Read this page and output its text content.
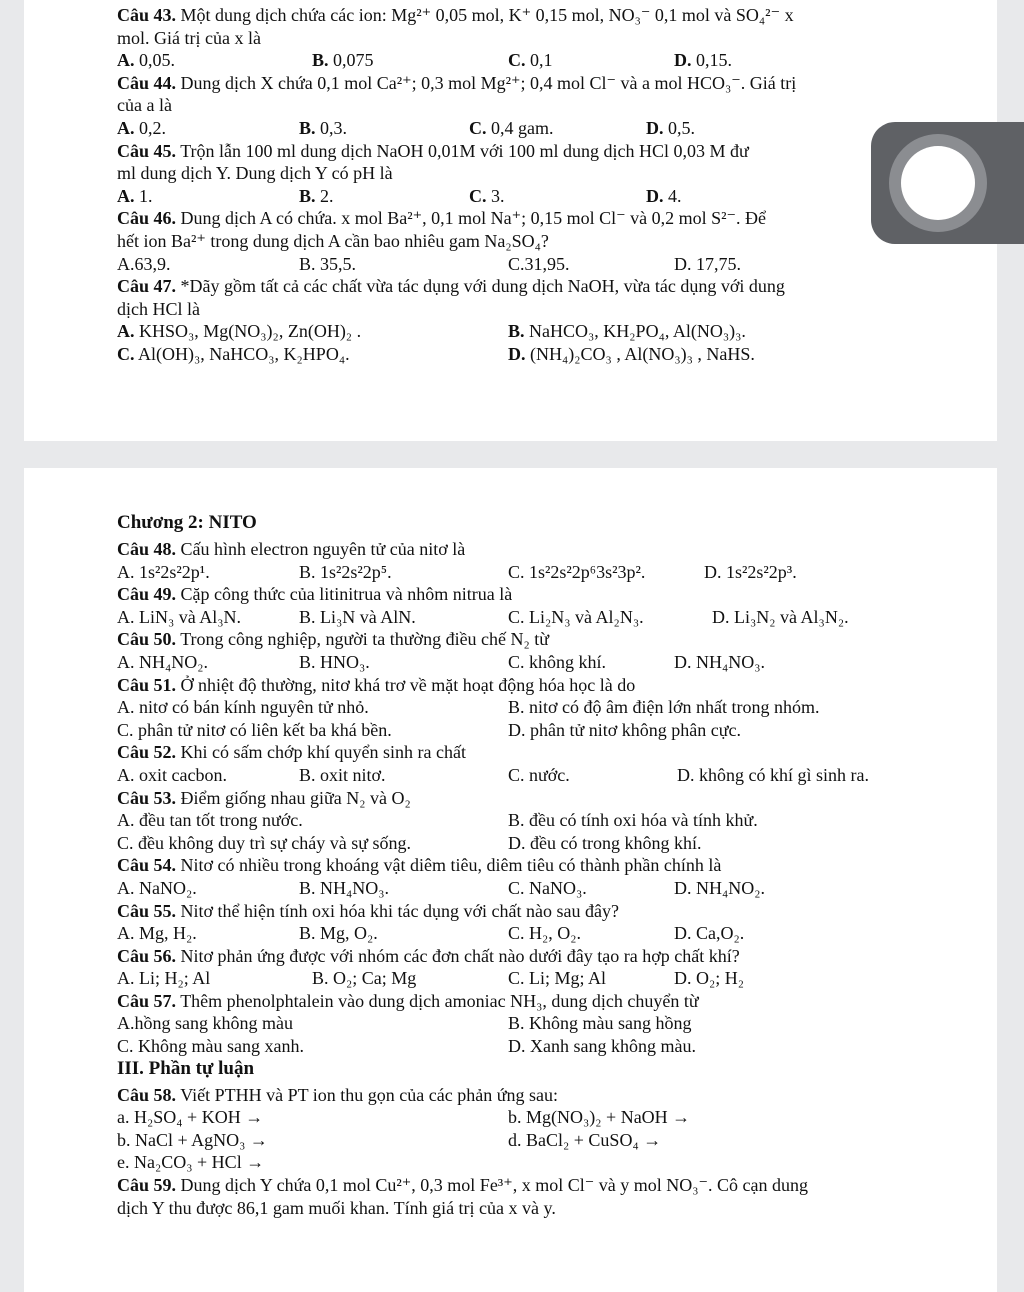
Câu 43. Một dung dịch chứa các ion: Mg²⁺ 0,05 mol, K⁺ 0,15 mol, NO₃⁻ 0,1 mol và SO₄²⁻ x
mol. Giá trị của x là
A. 0,05.	B. 0,075	C. 0,1	D. 0,15.
Câu 44. Dung dịch X chứa 0,1 mol Ca²⁺; 0,3 mol Mg²⁺; 0,4 mol Cl⁻ và a mol HCO₃⁻. Giá trị
của a là
A. 0,2.	B. 0,3.	C. 0,4 gam.	D. 0,5.
Câu 45. Trộn lẫn 100 ml dung dịch NaOH 0,01M với 100 ml dung dịch HCl 0,03 M đư
ml dung dịch Y. Dung dịch Y có pH là
A. 1.	B. 2.	C. 3.	D. 4.
Câu 46. Dung dịch A có chứa. x mol Ba²⁺, 0,1 mol Na⁺; 0,15 mol Cl⁻ và 0,2 mol S²⁻. Để
hết ion Ba²⁺ trong dung dịch A cần bao nhiêu gam Na₂SO₄?
A.63,9.	B. 35,5.	C.31,95.	D. 17,75.
Câu 47. *Dãy gồm tất cả các chất vừa tác dụng với dung dịch NaOH, vừa tác dụng với dung
dịch HCl là
A. KHSO₃, Mg(NO₃)₂, Zn(OH)₂ .	B. NaHCO₃, KH₂PO₄, Al(NO₃)₃.
C. Al(OH)₃, NaHCO₃, K₂HPO₄.	D. (NH₄)₂CO₃ , Al(NO₃)₃ , NaHS.
Chương 2: NITO
Câu 48. Cấu hình electron nguyên tử của nitơ là
A. 1s²2s²2p¹.	B. 1s²2s²2p⁵.	C. 1s²2s²2p⁶3s²3p².	D. 1s²2s²2p³.
Câu 49. Cặp công thức của litinitrua và nhôm nitrua là
A. LiN₃ và Al₃N.	B. Li₃N và AlN.	C. Li₂N₃ và Al₂N₃.	D. Li₃N₂ và Al₃N₂.
Câu 50. Trong công nghiệp, người ta thường điều chế N₂ từ
A. NH₄NO₂.	B. HNO₃.	C. không khí.	D. NH₄NO₃.
Câu 51. Ở nhiệt độ thường, nitơ khá trơ về mặt hoạt động hóa học là do
A. nitơ có bán kính nguyên tử nhỏ.	B. nitơ có độ âm điện lớn nhất trong nhóm.
C. phân tử nitơ có liên kết ba khá bền.	D. phân tử nitơ không phân cực.
Câu 52. Khi có sấm chớp khí quyển sinh ra chất
A. oxit cacbon.	B. oxit nitơ.	C. nước.	D. không có khí gì sinh ra.
Câu 53. Điểm giống nhau giữa N₂ và O₂
A. đều tan tốt trong nước.	B. đều có tính oxi hóa và tính khử.
C. đều không duy trì sự cháy và sự sống.	D. đều có trong không khí.
Câu 54. Nitơ có nhiều trong khoáng vật diêm tiêu, diêm tiêu có thành phần chính là
A. NaNO₂.	B. NH₄NO₃.	C. NaNO₃.	D. NH₄NO₂.
Câu 55. Nitơ thể hiện tính oxi hóa khi tác dụng với chất nào sau đây?
A. Mg, H₂.	B. Mg, O₂.	C. H₂, O₂.	D. Ca,O₂.
Câu 56. Nitơ phản ứng được với nhóm các đơn chất nào dưới đây tạo ra hợp chất khí?
A. Li; H₂; Al	B. O₂; Ca; Mg	C. Li; Mg; Al	D. O₂; H₂
Câu 57. Thêm phenolphtalein vào dung dịch amoniac NH₃, dung dịch chuyển từ
A.hồng sang không màu	B. Không màu sang hồng
C. Không màu sang xanh.	D. Xanh sang không màu.
III. Phần tự luận
Câu 58. Viết PTHH và PT ion thu gọn của các phản ứng sau:
a. H₂SO₄ + KOH →	b. Mg(NO₃)₂ + NaOH →
b. NaCl + AgNO₃ →	d. BaCl₂ + CuSO₄ →
e. Na₂CO₃ + HCl →
Câu 59. Dung dịch Y chứa 0,1 mol Cu²⁺, 0,3 mol Fe³⁺, x mol Cl⁻ và y mol NO₃⁻. Cô cạn dung
dịch Y thu được 86,1 gam muối khan. Tính giá trị của x và y.
